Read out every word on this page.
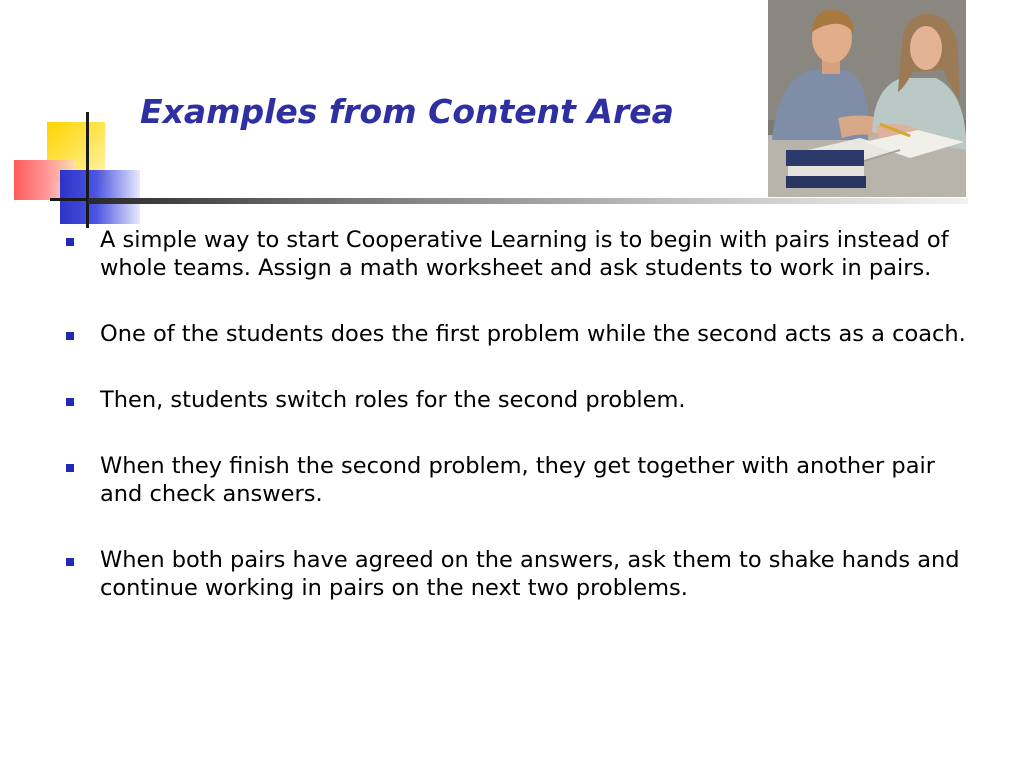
Examples from Content Area
A simple way to start Cooperative Learning is to begin with pairs instead of whole teams. Assign a math worksheet and ask students to work in pairs.
One of the students does the first problem while the second acts as a coach.
Then, students switch roles for the second problem.
When they finish the second problem, they get together with another pair and check answers.
When both pairs have agreed on the answers, ask them to shake hands and continue working in pairs on the next two problems.
